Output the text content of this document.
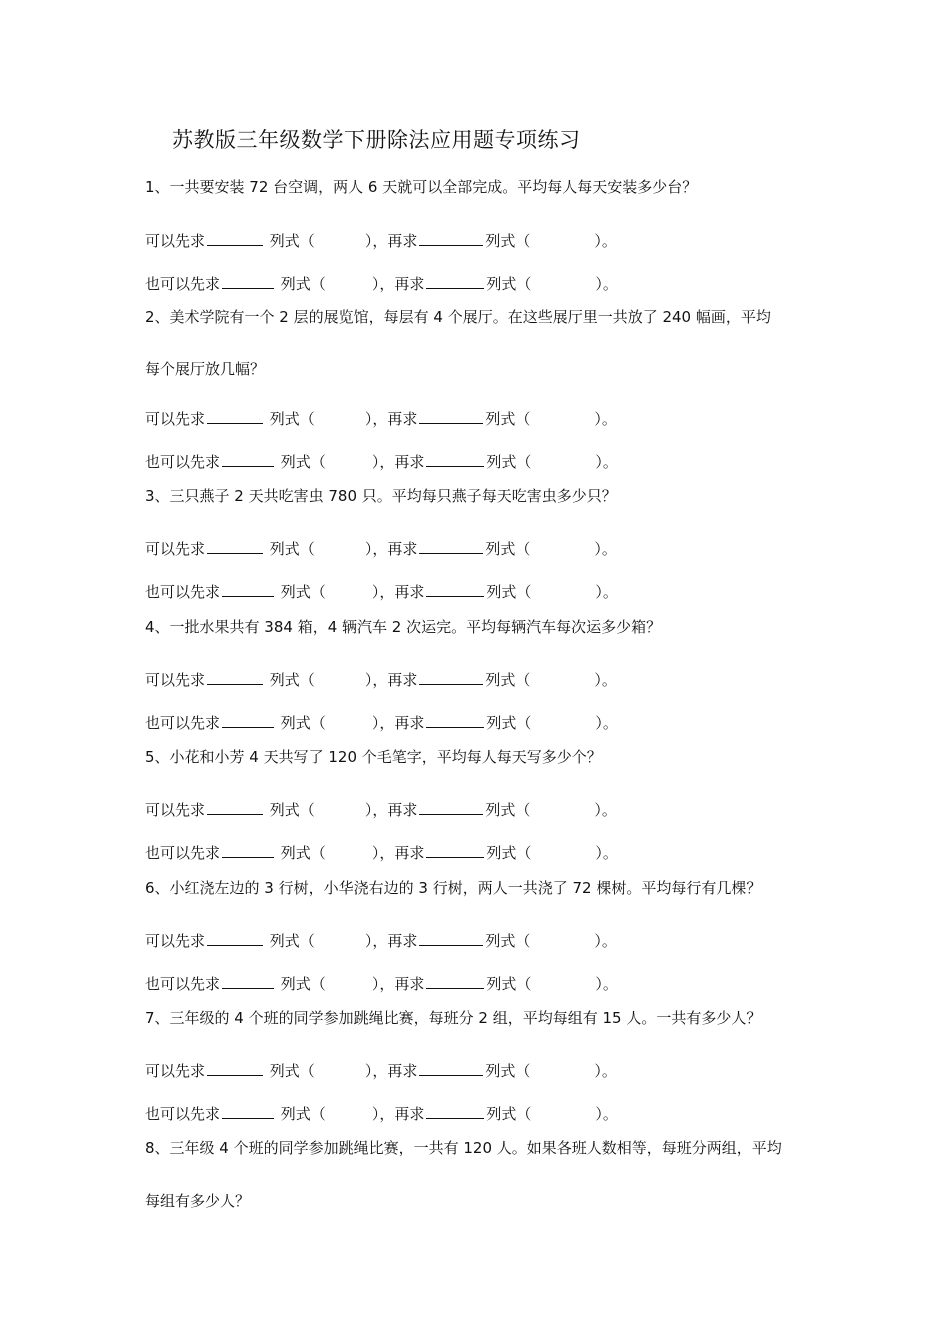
苏教版三年级数学下册除法应用题专项练习
1、一共要安装 72 台空调，两人 6 天就可以全部完成。平均每人每天安装多少台？
可以先求	列式（	），再求	列式（	）。
也可以先求	列式（	），再求	列式（	）。
2、美术学院有一个 2 层的展览馆，每层有 4 个展厅。在这些展厅里一共放了 240 幅画，平均
每个展厅放几幅？
可以先求	列式（	），再求	列式（	）。
也可以先求	列式（	），再求	列式（	）。
3、三只燕子 2 天共吃害虫 780 只。平均每只燕子每天吃害虫多少只？
可以先求	列式（	），再求	列式（	）。
也可以先求	列式（	），再求	列式（	）。
4、一批水果共有 384 箱，4 辆汽车 2 次运完。平均每辆汽车每次运多少箱？
可以先求	列式（	），再求	列式（	）。
也可以先求	列式（	），再求	列式（	）。
5、小花和小芳 4 天共写了 120 个毛笔字，平均每人每天写多少个？
可以先求	列式（	），再求	列式（	）。
也可以先求	列式（	），再求	列式（	）。
6、小红浇左边的 3 行树，小华浇右边的 3 行树，两人一共浇了 72 棵树。平均每行有几棵？
可以先求	列式（	），再求	列式（	）。
也可以先求	列式（	），再求	列式（	）。
7、三年级的 4 个班的同学参加跳绳比赛，每班分 2 组，平均每组有 15 人。一共有多少人？
可以先求	列式（	），再求	列式（	）。
也可以先求	列式（	），再求	列式（	）。
8、三年级 4 个班的同学参加跳绳比赛，一共有 120 人。如果各班人数相等，每班分两组，平均
每组有多少人？
